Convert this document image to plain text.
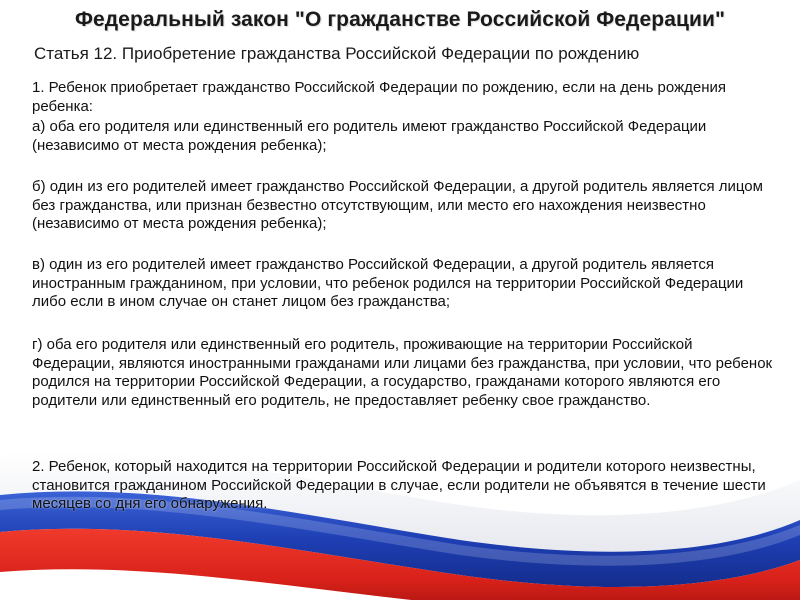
Федеральный закон "О гражданстве Российской Федерации"
Статья 12. Приобретение гражданства Российской Федерации по рождению
1. Ребенок приобретает гражданство Российской Федерации по рождению, если на день рождения ребенка:
а) оба его родителя или единственный его родитель имеют гражданство Российской Федерации (независимо от места рождения ребенка);
б) один из его родителей имеет гражданство Российской Федерации, а другой родитель является лицом без гражданства, или признан безвестно отсутствующим, или место его нахождения неизвестно (независимо от места рождения ребенка);
в) один из его родителей имеет гражданство Российской Федерации, а другой родитель является иностранным гражданином, при условии, что ребенок родился на территории Российской Федерации либо если в ином случае он станет лицом без гражданства;
г) оба его родителя или единственный его родитель, проживающие на территории Российской Федерации, являются иностранными гражданами или лицами без гражданства, при условии, что ребенок родился на территории Российской Федерации, а государство, гражданами которого являются его родители или единственный его родитель, не предоставляет ребенку свое гражданство.
2. Ребенок, который находится на территории Российской Федерации и родители которого неизвестны, становится гражданином Российской Федерации в случае, если родители не объявятся в течение шести месяцев со дня его обнаружения.
